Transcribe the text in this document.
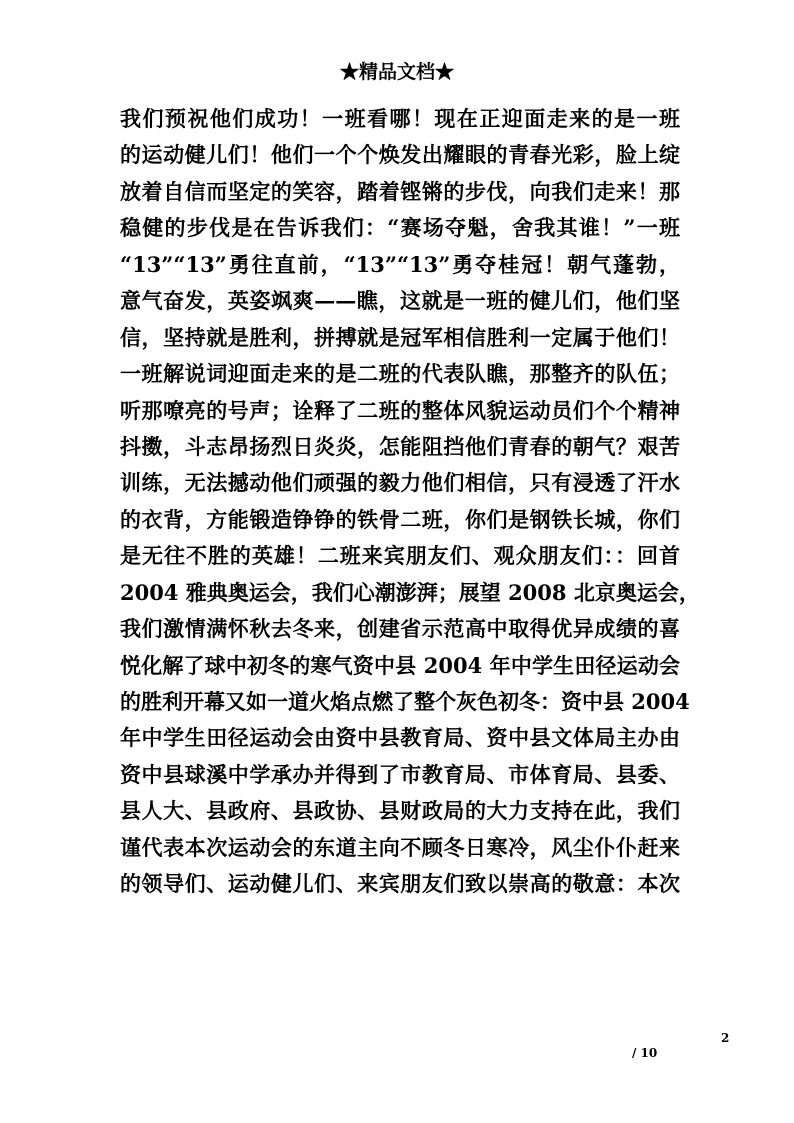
★精品文档★
我们预祝他们成功！一班看哪！现在正迎面走来的是一班
的运动健儿们！他们一个个焕发出耀眼的青春光彩，脸上绽
放着自信而坚定的笑容，踏着铿锵的步伐，向我们走来！那
稳健的步伐是在告诉我们：“赛场夺魁，舍我其谁！”一班
“13”“13”勇往直前，“13”“13”勇夺桂冠！朝气蓬勃，
意气奋发，英姿飒爽——瞧，这就是一班的健儿们，他们坚
信，坚持就是胜利，拼搏就是冠军相信胜利一定属于他们！
一班解说词迎面走来的是二班的代表队瞧，那整齐的队伍；
听那嘹亮的号声；诠释了二班的整体风貌运动员们个个精神
抖擞，斗志昂扬烈日炎炎，怎能阻挡他们青春的朝气？艰苦
训练，无法撼动他们顽强的毅力他们相信，只有浸透了汗水
的衣背，方能锻造铮铮的铁骨二班，你们是钢铁长城，你们
是无往不胜的英雄！二班来宾朋友们、观众朋友们：：回首
2004 雅典奥运会，我们心潮澎湃；展望 2008 北京奥运会，
我们激情满怀秋去冬来，创建省示范高中取得优异成绩的喜
悦化解了球中初冬的寒气资中县 2004 年中学生田径运动会
的胜利开幕又如一道火焰点燃了整个灰色初冬：资中县 2004
年中学生田径运动会由资中县教育局、资中县文体局主办由
资中县球溪中学承办并得到了市教育局、市体育局、县委、
县人大、县政府、县政协、县财政局的大力支持在此，我们
谨代表本次运动会的东道主向不顾冬日寒冷，风尘仆仆赶来
的领导们、运动健儿们、来宾朋友们致以崇高的敬意：本次
2
/ 10
